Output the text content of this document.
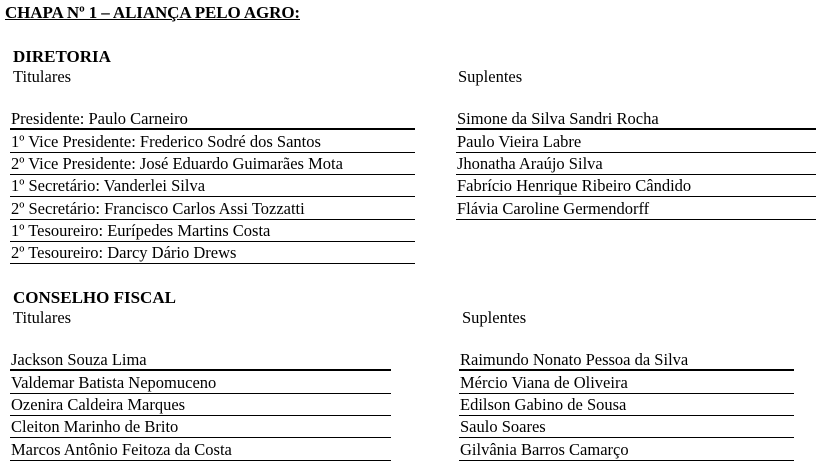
CHAPA Nº 1 – ALIANÇA PELO AGRO:
DIRETORIA
Titulares	Suplentes
Presidente: Paulo Carneiro
1º Vice Presidente: Frederico Sodré dos Santos
2º Vice Presidente: José Eduardo Guimarães Mota
1º Secretário: Vanderlei Silva
2º Secretário: Francisco Carlos Assi Tozzatti
1º Tesoureiro: Eurípedes Martins Costa
2º Tesoureiro: Darcy Dário Drews
Simone da Silva Sandri Rocha
Paulo Vieira Labre
Jhonatha Araújo Silva
Fabrício Henrique Ribeiro Cândido
Flávia Caroline Germendorff
CONSELHO FISCAL
Titulares	Suplentes
Jackson Souza Lima
Valdemar Batista Nepomuceno
Ozenira Caldeira Marques
Cleiton Marinho de Brito
Marcos Antônio Feitoza da Costa
Raimundo Nonato Pessoa da Silva
Mércio Viana de Oliveira
Edilson Gabino de Sousa
Saulo Soares
Gilvânia Barros Camarço
